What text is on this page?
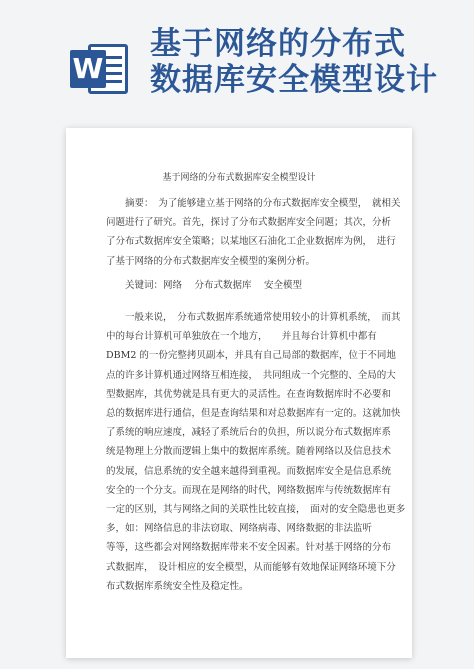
W
基于网络的分布式
数据库安全模型设计
基于网络的分布式数据库安全模型设计
　　摘要：　为了能够建立基于网络的分布式数据库安全模型，　就相关
问题进行了研究。首先，探讨了分布式数据库安全问题；其次，分析
了分布式数据库安全策略；以某地区石油化工企业数据库为例，　进行
了基于网络的分布式数据库安全模型的案例分析。
　　关键词：网络　 分布式数据库　 安全模型
　　一般来说，　分布式数据库系统通常使用较小的计算机系统，　而其
中的每台计算机可单独放在一个地方，　　并且每台计算机中都有
DBM2 的一份完整拷贝副本，并具有自己局部的数据库，位于不同地
点的许多计算机通过网络互相连接，　共同组成一个完整的、全局的大
型数据库，其优势就是具有更大的灵活性。在查询数据库时不必要和
总的数据库进行通信，但是查询结果和对总数据库有一定的。这就加快
了系统的响应速度，减轻了系统后台的负担，所以说分布式数据库系
统是物理上分散而逻辑上集中的数据库系统。随着网络以及信息技术
的发展，信息系统的安全越来越得到重视。而数据库安全是信息系统
安全的一个分支。而现在是网络的时代，网络数据库与传统数据库有
一定的区别，其与网络之间的关联性比较直接，　面对的安全隐患也更多
多，如：网络信息的非法窃取、网络病毒、网络数据的非法监听
等等，这些都会对网络数据库带来不安全因素。针对基于网络的分布
式数据库，　设计相应的安全模型，从而能够有效地保证网络环境下分
布式数据库系统安全性及稳定性。
